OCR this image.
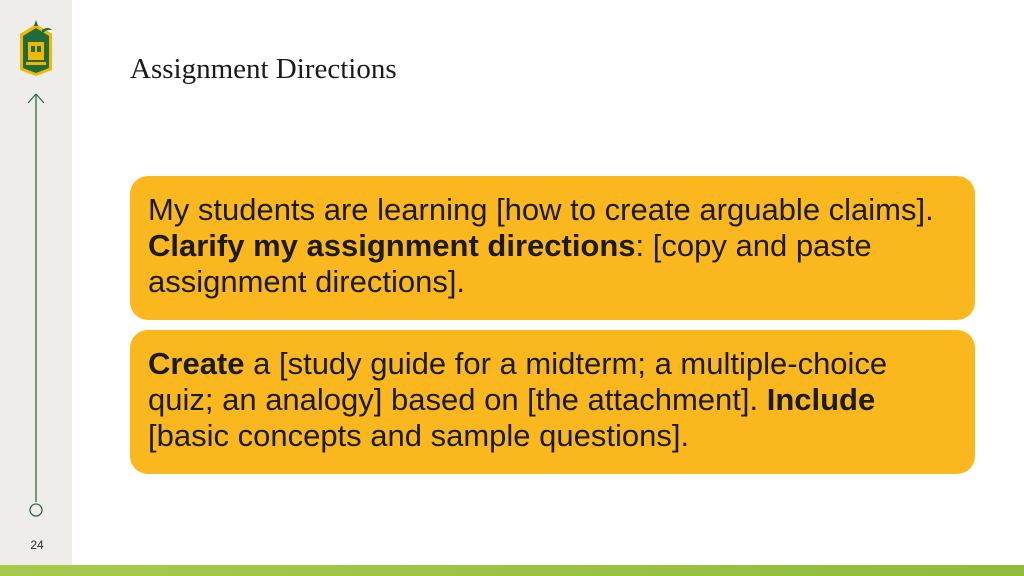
24
Assignment Directions
My students are learning [how to create arguable claims]. Clarify my assignment directions: [copy and paste assignment directions].
Create a [study guide for a midterm; a multiple-choice quiz; an analogy] based on [the attachment]. Include [basic concepts and sample questions].
